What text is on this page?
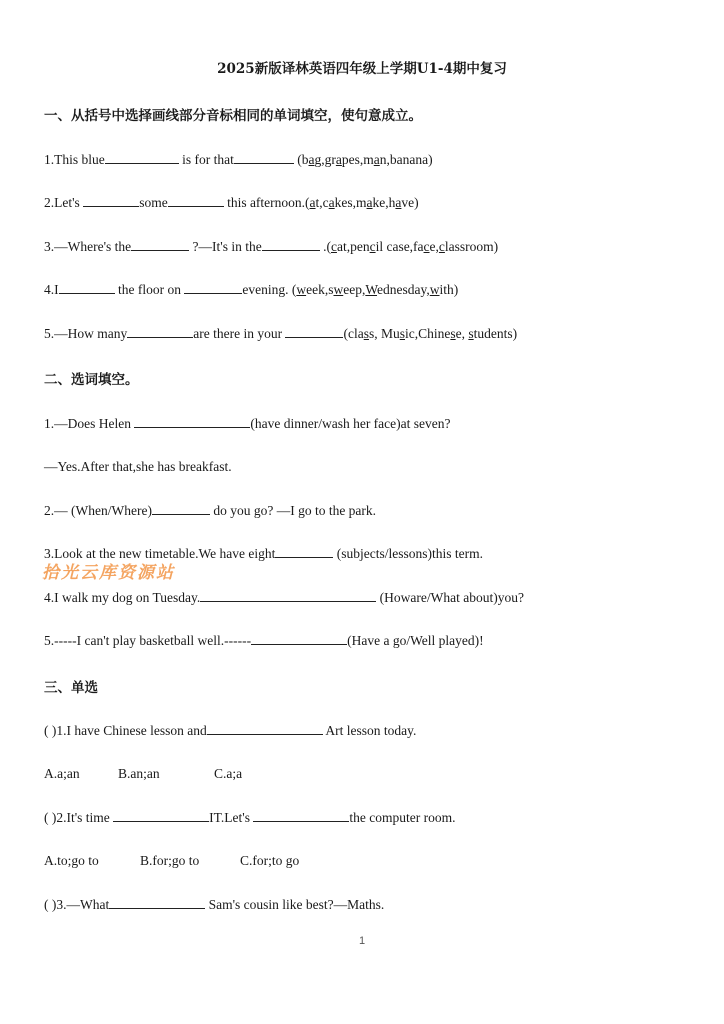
2025新版译林英语四年级上学期U1-4期中复习
一、从括号中选择画线部分音标相同的单词填空，使句意成立。
1.This blue	is for that	(bag,grapes,man,banana)
2.Let's	some	this afternoon.(at,cakes,make,have)
3.—Where's the	?—It's in the	.(cat,pencil case,face,classroom)
4.I	the floor on	evening. (week,sweep,Wednesday,with)
5.—How many	are there in your	(class, Music,Chinese, students)
二、选词填空。
1.—Does Helen	(have dinner/wash her face)at seven?
—Yes.After that,she has breakfast.
2.— (When/Where)	do you go? —I go to the park.
3.Look at the new timetable.We have eight	(subjects/lessons)this term.
拾光云库资源站
4.I walk my dog on Tuesday.	(Howare/What about)you?
5.-----I can't play basketball well.------	(Have a go/Well played)!
三、单选
( )1.I have Chinese lesson and	Art lesson today.
A.a;an	B.an;an	C.a;a
( )2.It's time	IT.Let's	the computer room.
A.to;go to	B.for;go to	C.for;to go
( )3.—What	Sam's cousin like best?—Maths.
1
